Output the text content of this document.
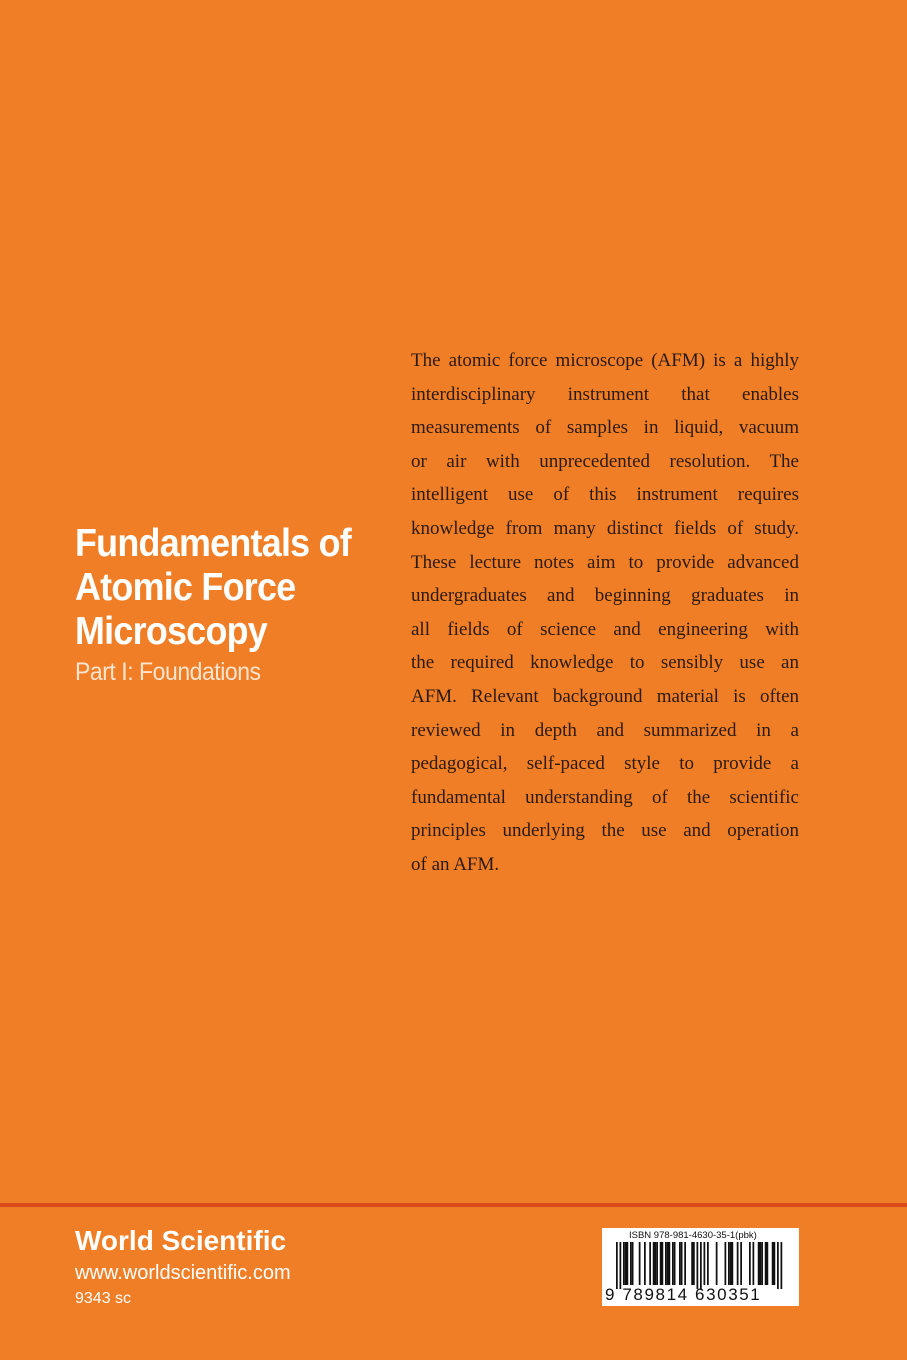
Fundamentals of
Atomic Force
Microscopy
Part I: Foundations
The atomic force microscope (AFM) is a highly
interdisciplinary instrument that enables
measurements of samples in liquid, vacuum
or air with unprecedented resolution. The
intelligent use of this instrument requires
knowledge from many distinct fields of study.
These lecture notes aim to provide advanced
undergraduates and beginning graduates in
all fields of science and engineering with
the required knowledge to sensibly use an
AFM. Relevant background material is often
reviewed in depth and summarized in a
pedagogical, self-paced style to provide a
fundamental understanding of the scientific
principles underlying the use and operation
of an AFM.
World Scientific
www.worldscientific.com
9343 sc
ISBN 978-981-4630-35-1(pbk)
9 789814 630351
